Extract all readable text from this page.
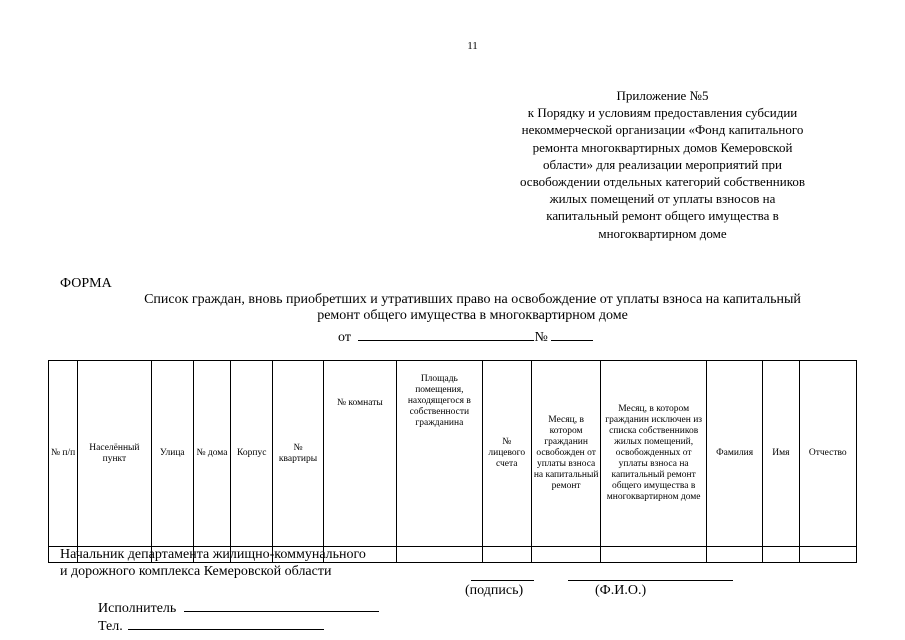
11
Приложение №5
к Порядку и условиям предоставления субсидии
некоммерческой организации «Фонд капитального
ремонта многоквартирных домов Кемеровской
области» для реализации мероприятий при
освобождении отдельных категорий собственников
жилых помещений от уплаты взносов на
капитальный ремонт общего имущества в
многоквартирном доме
ФОРМА
Список граждан, вновь приобретших и утративших право на освобождение от уплаты взноса на капитальный
ремонт общего имущества в многоквартирном доме
от	№
№ п/п	Населённый пункт	Улица	№ дома	Корпус	№ квартиры	№ комнаты	Площадь помещения, находящегося в собственности гражданина	№ лицевого счета	Месяц, в котором гражданин освобожден от уплаты взноса на капитальный ремонт	Месяц, в котором гражданин исключен из списка собственников жилых помещений, освобожденных от уплаты взноса на капитальный ремонт общего имущества в многоквартирном доме	Фамилия	Имя	Отчество

Начальник департамента жилищно-коммунального
и дорожного комплекса Кемеровской области
(подпись)	(Ф.И.О.)
Исполнитель
Тел.
